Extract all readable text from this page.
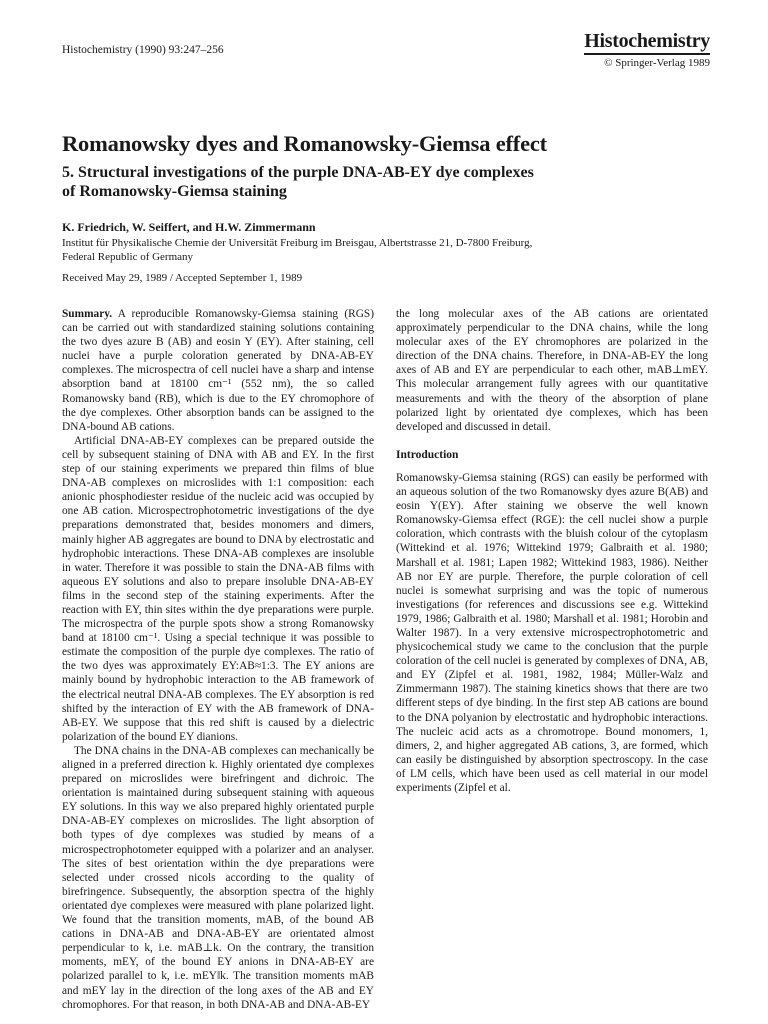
Histochemistry (1990) 93:247–256	Histochemistry
© Springer-Verlag 1989
Romanowsky dyes and Romanowsky-Giemsa effect
5. Structural investigations of the purple DNA-AB-EY dye complexes
of Romanowsky-Giemsa staining
K. Friedrich, W. Seiffert, and H.W. Zimmermann
Institut für Physikalische Chemie der Universität Freiburg im Breisgau, Albertstrasse 21, D-7800 Freiburg,
Federal Republic of Germany
Received May 29, 1989 / Accepted September 1, 1989

Summary. A reproducible Romanowsky-Giemsa staining (RGS) can be carried out with standardized staining solutions containing the two dyes azure B (AB) and eosin Y (EY). After staining, cell nuclei have a purple coloration generated by DNA-AB-EY complexes. The microspectra of cell nuclei have a sharp and intense absorption band at 18100 cm⁻¹ (552 nm), the so called Romanowsky band (RB), which is due to the EY chromophore of the dye complexes. Other absorption bands can be assigned to the DNA-bound AB cations.

Artificial DNA-AB-EY complexes can be prepared outside the cell by subsequent staining of DNA with AB and EY. In the first step of our staining experiments we prepared thin films of blue DNA-AB complexes on microslides with 1:1 composition: each anionic phosphodiester residue of the nucleic acid was occupied by one AB cation. Microspectrophotometric investigations of the dye preparations demonstrated that, besides monomers and dimers, mainly higher AB aggregates are bound to DNA by electrostatic and hydrophobic interactions. These DNA-AB complexes are insoluble in water. Therefore it was possible to stain the DNA-AB films with aqueous EY solutions and also to prepare insoluble DNA-AB-EY films in the second step of the staining experiments. After the reaction with EY, thin sites within the dye preparations were purple. The microspectra of the purple spots show a strong Romanowsky band at 18100 cm⁻¹. Using a special technique it was possible to estimate the composition of the purple dye complexes. The ratio of the two dyes was approximately EY:AB≈1:3. The EY anions are mainly bound by hydrophobic interaction to the AB framework of the electrical neutral DNA-AB complexes. The EY absorption is red shifted by the interaction of EY with the AB framework of DNA-AB-EY. We suppose that this red shift is caused by a dielectric polarization of the bound EY dianions.

The DNA chains in the DNA-AB complexes can mechanically be aligned in a preferred direction k. Highly orientated dye complexes prepared on microslides were birefringent and dichroic. The orientation is maintained during subsequent staining with aqueous EY solutions. In this way we also prepared highly orientated purple DNA-AB-EY complexes on microslides. The light absorption of both types of dye complexes was studied by means of a microspectrophotometer equipped with a polarizer and an analyser. The sites of best orientation within the dye preparations were selected under crossed nicols according to the quality of birefringence. Subsequently, the absorption spectra of the highly orientated dye complexes were measured with plane polarized light. We found that the transition moments, mAB, of the bound AB cations in DNA-AB and DNA-AB-EY are orientated almost perpendicular to k, i.e. mAB⊥k. On the contrary, the transition moments, mEY, of the bound EY anions in DNA-AB-EY are polarized parallel to k, i.e. mEY‖k. The transition moments mAB and mEY lay in the direction of the long axes of the AB and EY chromophores. For that reason, in both DNA-AB and DNA-AB-EY

the long molecular axes of the AB cations are orientated approximately perpendicular to the DNA chains, while the long molecular axes of the EY chromophores are polarized in the direction of the DNA chains. Therefore, in DNA-AB-EY the long axes of AB and EY are perpendicular to each other, mAB⊥mEY. This molecular arrangement fully agrees with our quantitative measurements and with the theory of the absorption of plane polarized light by orientated dye complexes, which has been developed and discussed in detail.

Introduction

Romanowsky-Giemsa staining (RGS) can easily be performed with an aqueous solution of the two Romanowsky dyes azure B(AB) and eosin Y(EY). After staining we observe the well known Romanowsky-Giemsa effect (RGE): the cell nuclei show a purple coloration, which contrasts with the bluish colour of the cytoplasm (Wittekind et al. 1976; Wittekind 1979; Galbraith et al. 1980; Marshall et al. 1981; Lapen 1982; Wittekind 1983, 1986). Neither AB nor EY are purple. Therefore, the purple coloration of cell nuclei is somewhat surprising and was the topic of numerous investigations (for references and discussions see e.g. Wittekind 1979, 1986; Galbraith et al. 1980; Marshall et al. 1981; Horobin and Walter 1987). In a very extensive microspectrophotometric and physicochemical study we came to the conclusion that the purple coloration of the cell nuclei is generated by complexes of DNA, AB, and EY (Zipfel et al. 1981, 1982, 1984; Müller-Walz and Zimmermann 1987). The staining kinetics shows that there are two different steps of dye binding. In the first step AB cations are bound to the DNA polyanion by electrostatic and hydrophobic interactions. The nucleic acid acts as a chromotrope. Bound monomers, 1, dimers, 2, and higher aggregated AB cations, 3, are formed, which can easily be distinguished by absorption spectroscopy. In the case of LM cells, which have been used as cell material in our model experiments (Zipfel et al.
